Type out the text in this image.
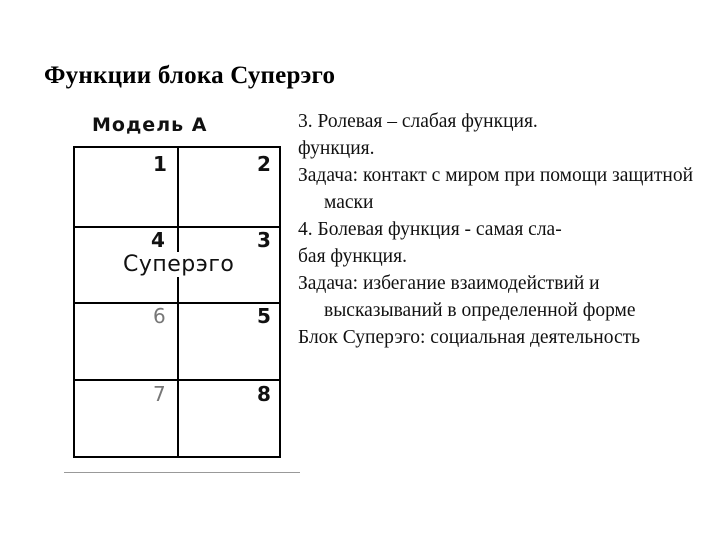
Функции блока Суперэго
Модель А
1	2
4	3
6	5
7	8
Суперэго

3. Ролевая – слабая функция.

функция.

Задача: контакт с миром при помощи защитной маски

4. Болевая функция - самая сла-

бая функция.

Задача: избегание взаимодействий и высказываний в определенной форме

Блок Суперэго: социальная деятельность
